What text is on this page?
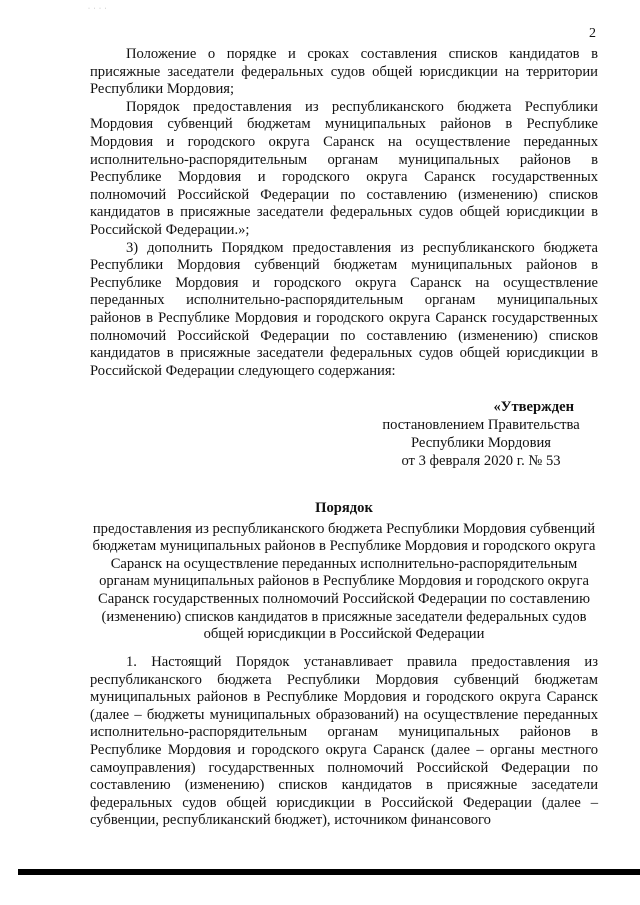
· · · ·
2

Положение о порядке и сроках составления списков кандидатов в присяжные заседатели федеральных судов общей юрисдикции на территории Республики Мордовия;

Порядок предоставления из республиканского бюджета Республики Мордовия субвенций бюджетам муниципальных районов в Республике Мордовия и городского округа Саранск на осуществление переданных исполнительно-распорядительным органам муниципальных районов в Республике Мордовия и городского округа Саранск государственных полномочий Российской Федерации по составлению (изменению) списков кандидатов в присяжные заседатели федеральных судов общей юрисдикции в Российской Федерации.»;

3) дополнить Порядком предоставления из республиканского бюджета Республики Мордовия субвенций бюджетам муниципальных районов в Республике Мордовия и городского округа Саранск на осуществление переданных исполнительно-распорядительным органам муниципальных районов в Республике Мордовия и городского округа Саранск государственных полномочий Российской Федерации по составлению (изменению) списков кандидатов в присяжные заседатели федеральных судов общей юрисдикции в Российской Федерации следующего содержания:

«Утвержден
постановлением Правительства
Республики Мордовия
от 3 февраля 2020 г. № 53
Порядок
предоставления из республиканского бюджета Республики Мордовия субвенций бюджетам муниципальных районов в Республике Мордовия и городского округа Саранск на осуществление переданных исполнительно-распорядительным органам муниципальных районов в Республике Мордовия и городского округа Саранск государственных полномочий Российской Федерации по составлению (изменению) списков кандидатов в присяжные заседатели федеральных судов общей юрисдикции в Российской Федерации

1. Настоящий Порядок устанавливает правила предоставления из республиканского бюджета Республики Мордовия субвенций бюджетам муниципальных районов в Республике Мордовия и городского округа Саранск (далее – бюджеты муниципальных образований) на осуществление переданных исполнительно-распорядительным органам муниципальных районов в Республике Мордовия и городского округа Саранск (далее – органы местного самоуправления) государственных полномочий Российской Федерации по составлению (изменению) списков кандидатов в присяжные заседатели федеральных судов общей юрисдикции в Российской Федерации (далее – субвенции, республиканский бюджет), источником финансового
